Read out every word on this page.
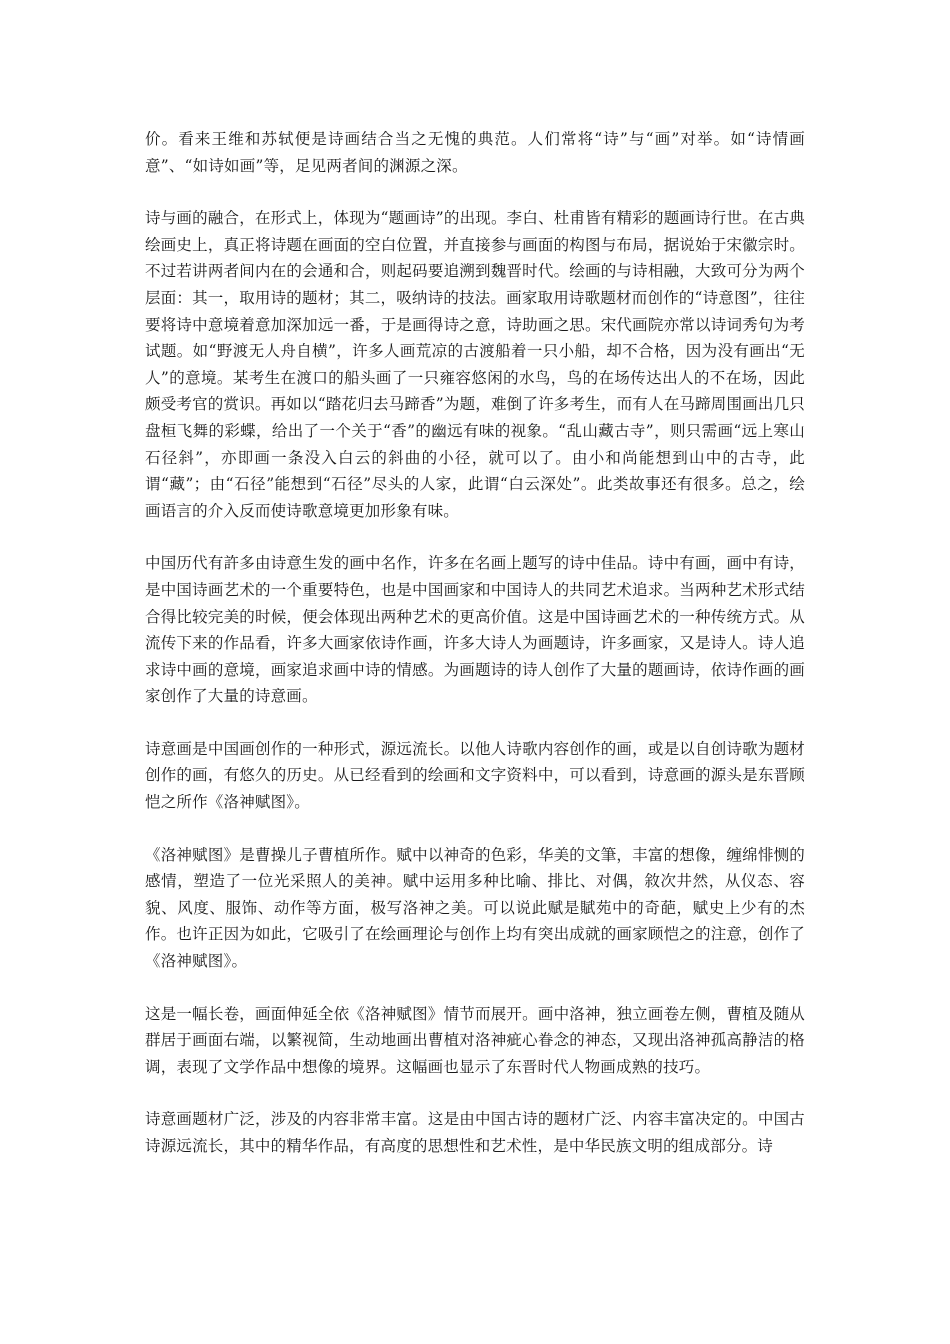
价。看来王维和苏轼便是诗画结合当之无愧的典范。人们常将“诗”与“画”对举。如“诗情画意”、“如诗如画”等，足见两者间的渊源之深。

诗与画的融合，在形式上，体现为“题画诗”的出现。李白、杜甫皆有精彩的题画诗行世。在古典绘画史上，真正将诗题在画面的空白位置，并直接参与画面的构图与布局，据说始于宋徽宗时。不过若讲两者间内在的会通和合，则起码要追溯到魏晋时代。绘画的与诗相融，大致可分为两个层面：其一，取用诗的题材；其二，吸纳诗的技法。画家取用诗歌题材而创作的“诗意图”，往往要将诗中意境着意加深加远一番，于是画得诗之意，诗助画之思。宋代画院亦常以诗词秀句为考试题。如“野渡无人舟自横”，许多人画荒凉的古渡船着一只小船，却不合格，因为没有画出“无人”的意境。某考生在渡口的船头画了一只雍容悠闲的水鸟，鸟的在场传达出人的不在场，因此颇受考官的赏识。再如以“踏花归去马蹄香”为题，难倒了许多考生，而有人在马蹄周围画出几只盘桓飞舞的彩蝶，给出了一个关于“香”的幽远有味的视象。“乱山藏古寺”，则只需画“远上寒山石径斜”，亦即画一条没入白云的斜曲的小径，就可以了。由小和尚能想到山中的古寺，此谓“藏”；由“石径”能想到“石径”尽头的人家，此谓“白云深处”。此类故事还有很多。总之，绘画语言的介入反而使诗歌意境更加形象有味。

中国历代有許多由诗意生发的画中名作，许多在名画上题写的诗中佳品。诗中有画，画中有诗，是中国诗画艺术的一个重要特色，也是中国画家和中国诗人的共同艺术追求。当两种艺术形式结合得比较完美的时候，便会体现出两种艺术的更高价值。这是中国诗画艺术的一种传统方式。从流传下来的作品看，许多大画家依诗作画，许多大诗人为画题诗，许多画家，又是诗人。诗人追求诗中画的意境，画家追求画中诗的情感。为画题诗的诗人创作了大量的题画诗，依诗作画的画家创作了大量的诗意画。

诗意画是中国画创作的一种形式，源远流长。以他人诗歌内容创作的画，或是以自创诗歌为题材创作的画，有悠久的历史。从已经看到的绘画和文字资料中，可以看到，诗意画的源头是东晋顾恺之所作《洛神赋图》。

《洛神赋图》是曹操儿子曹植所作。赋中以神奇的色彩，华美的文筆，丰富的想像，缠绵悱恻的感情，塑造了一位光采照人的美神。赋中运用多种比喻、排比、对偶，敘次井然，从仪态、容貌、风度、服饰、动作等方面，极写洛神之美。可以说此赋是賦苑中的奇葩，赋史上少有的杰作。也许正因为如此，它吸引了在绘画理论与创作上均有突出成就的画家顾恺之的注意，创作了《洛神赋图》。

这是一幅长卷，画面伸延全依《洛神赋图》情节而展开。画中洛神，独立画卷左侧，曹植及随从群居于画面右端，以繁视简，生动地画出曹植对洛神疵心眷念的神态，又现出洛神孤高静洁的格调，表现了文学作品中想像的境界。这幅画也显示了东晋时代人物画成熟的技巧。

诗意画题材广泛，涉及的内容非常丰富。这是由中国古诗的题材广泛、内容丰富决定的。中国古诗源远流长，其中的精华作品，有高度的思想性和艺术性，是中华民族文明的组成部分。诗
